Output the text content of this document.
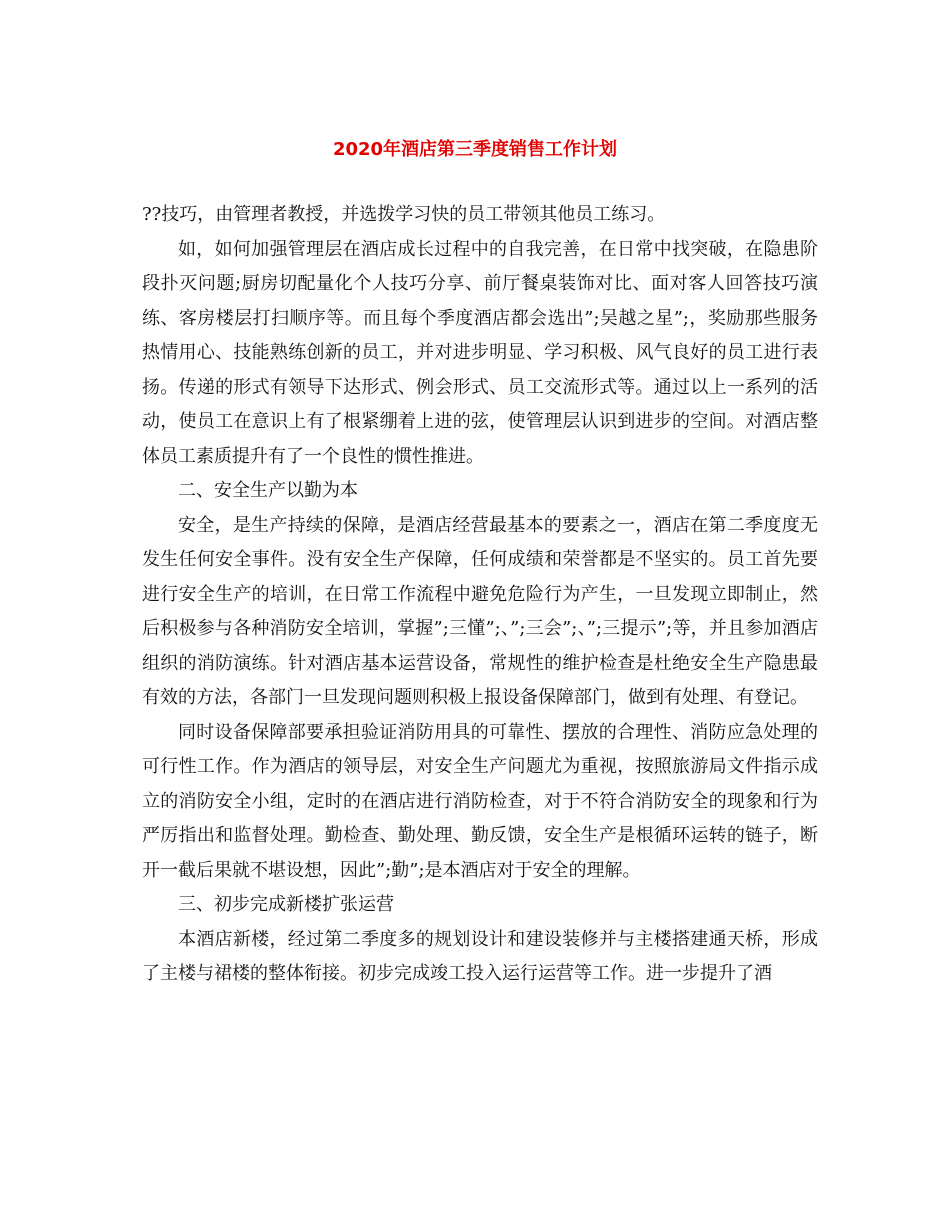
2020年酒店第三季度销售工作计划

??技巧，由管理者教授，并选拨学习快的员工带领其他员工练习。

如，如何加强管理层在酒店成长过程中的自我完善，在日常中找突破，在隐患阶段扑灭问题;厨房切配量化个人技巧分享、前厅餐桌装饰对比、面对客人回答技巧演练、客房楼层打扫顺序等。而且每个季度酒店都会选出”;吴越之星”;，奖励那些服务热情用心、技能熟练创新的员工，并对进步明显、学习积极、风气良好的员工进行表扬。传递的形式有领导下达形式、例会形式、员工交流形式等。通过以上一系列的活动，使员工在意识上有了根紧绷着上进的弦，使管理层认识到进步的空间。对酒店整体员工素质提升有了一个良性的惯性推进。

二、安全生产以勤为本

安全，是生产持续的保障，是酒店经营最基本的要素之一，酒店在第二季度度无发生任何安全事件。没有安全生产保障，任何成绩和荣誉都是不坚实的。员工首先要进行安全生产的培训，在日常工作流程中避免危险行为产生，一旦发现立即制止，然后积极参与各种消防安全培训，掌握”;三懂”;、”;三会”;、”;三提示”;等，并且参加酒店组织的消防演练。针对酒店基本运营设备，常规性的维护检查是杜绝安全生产隐患最有效的方法，各部门一旦发现问题则积极上报设备保障部门，做到有处理、有登记。

同时设备保障部要承担验证消防用具的可靠性、摆放的合理性、消防应急处理的可行性工作。作为酒店的领导层，对安全生产问题尤为重视，按照旅游局文件指示成立的消防安全小组，定时的在酒店进行消防检查，对于不符合消防安全的现象和行为严厉指出和监督处理。勤检查、勤处理、勤反馈，安全生产是根循环运转的链子，断开一截后果就不堪设想，因此”;勤”;是本酒店对于安全的理解。

三、初步完成新楼扩张运营

本酒店新楼，经过第二季度多的规划设计和建设装修并与主楼搭建通天桥，形成了主楼与裙楼的整体衔接。初步完成竣工投入运行运营等工作。进一步提升了酒
